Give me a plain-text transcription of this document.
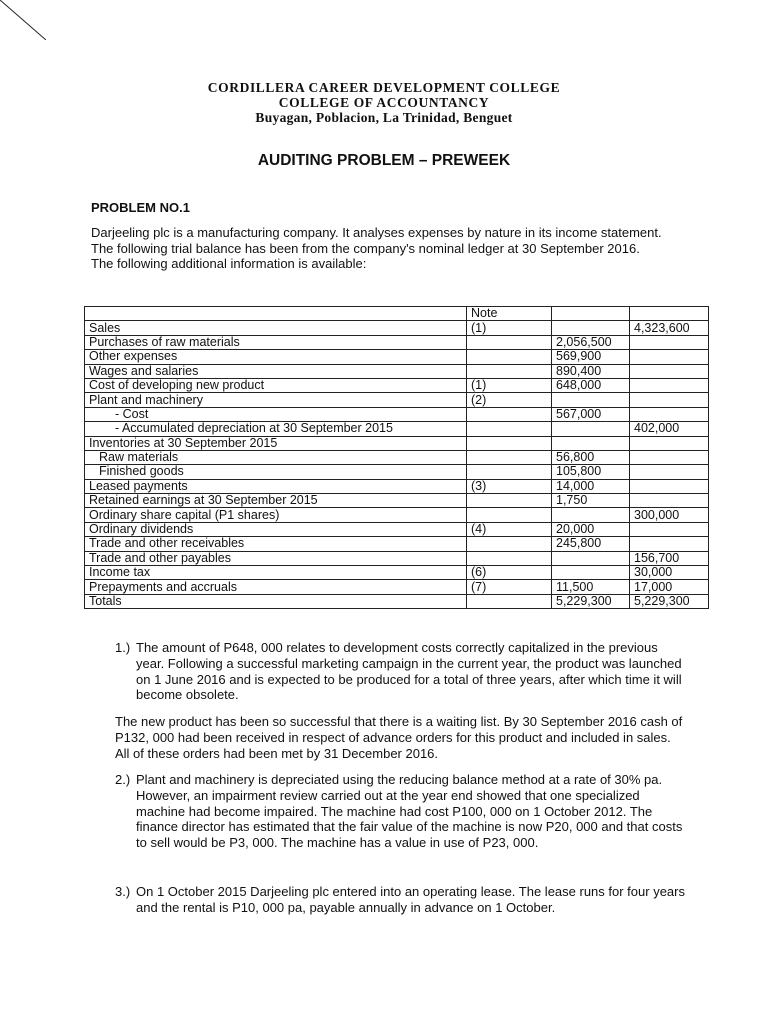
CORDILLERA CAREER DEVELOPMENT COLLEGE
COLLEGE OF ACCOUNTANCY
Buyagan, Poblacion, La Trinidad, Benguet
AUDITING PROBLEM – PREWEEK
PROBLEM NO.1

Darjeeling plc is a manufacturing company. It analyses expenses by nature in its income statement.

The following trial balance has been from the company's nominal ledger at 30 September 2016.

The following additional information is available:

	Note		
Sales	(1)		4,323,600
Purchases of raw materials		2,056,500	
Other expenses		569,900	
Wages and salaries		890,400	
Cost of developing new product	(1)	648,000	
Plant and machinery	(2)		
- Cost		567,000	
- Accumulated depreciation at 30 September 2015			402,000
Inventories at 30 September 2015			
Raw materials		56,800	
Finished goods		105,800	
Leased payments	(3)	14,000	
Retained earnings at 30 September 2015		1,750	
Ordinary share capital (P1 shares)			300,000
Ordinary dividends	(4)	20,000	
Trade and other receivables		245,800	
Trade and other payables			156,700
Income tax	(6)		30,000
Prepayments and accruals	(7)	11,500	17,000
Totals		5,229,300	5,229,300
1.) The amount of P648, 000 relates to development costs correctly capitalized in the previous year. Following a successful marketing campaign in the current year, the product was launched on 1 June 2016 and is expected to be produced for a total of three years, after which time it will become obsolete.
The new product has been so successful that there is a waiting list. By 30 September 2016 cash of P132, 000 had been received in respect of advance orders for this product and included in sales. All of these orders had been met by 31 December 2016.
2.) Plant and machinery is depreciated using the reducing balance method at a rate of 30% pa. However, an impairment review carried out at the year end showed that one specialized machine had become impaired. The machine had cost P100, 000 on 1 October 2012. The finance director has estimated that the fair value of the machine is now P20, 000 and that costs to sell would be P3, 000. The machine has a value in use of P23, 000.
3.) On 1 October 2015 Darjeeling plc entered into an operating lease. The lease runs for four years and the rental is P10, 000 pa, payable annually in advance on 1 October.
